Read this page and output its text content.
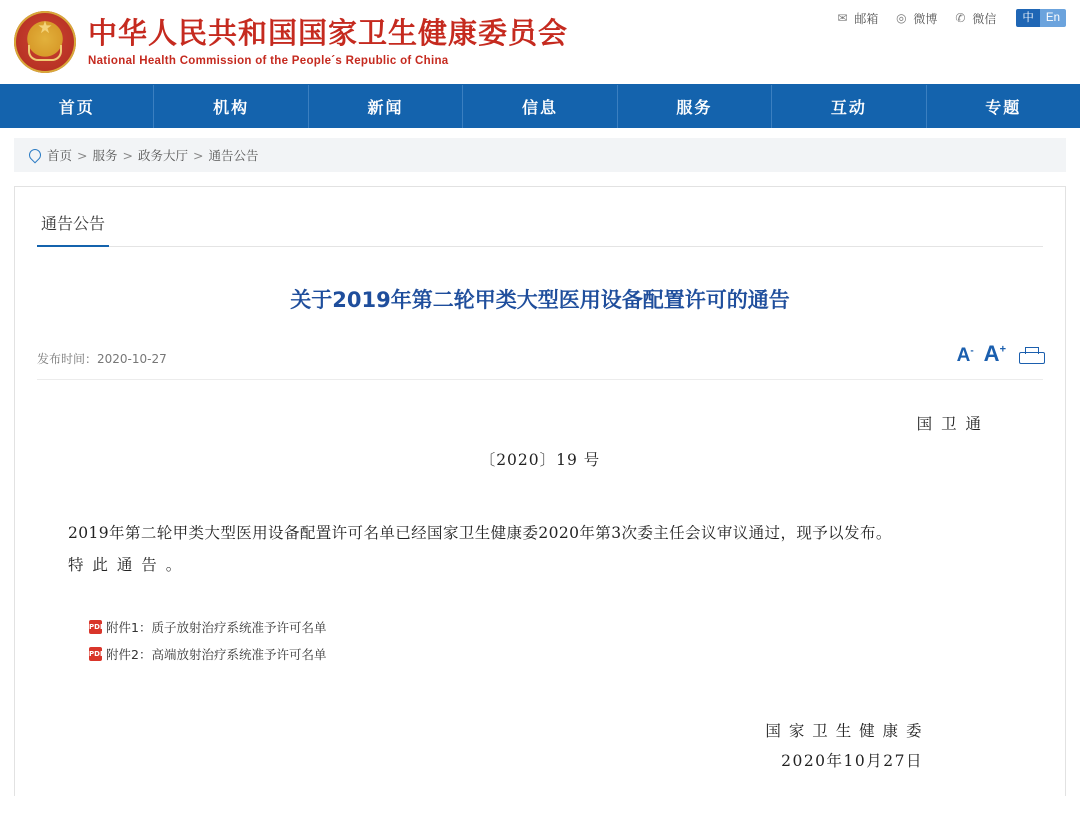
★
中华人民共和国国家卫生健康委员会
National Health Commission of the People´s Republic of China
✉ 邮箱 ◎ 微博 ✆ 微信	中	En
首页	机构	新闻	信息	服务	互动	专题
首页 > 服务 > 政务大厅 > 通告公告
通告公告
关于2019年第二轮甲类大型医用设备配置许可的通告
发布时间：2020-10-27	A- A+
国 卫 通
〔2020〕19 号
2019年第二轮甲类大型医用设备配置许可名单已经国家卫生健康委2020年第3次委主任会议审议通过，现予以发布。
特 此 通 告 。
PDF 附件1：质子放射治疗系统准予许可名单
PDF 附件2：高端放射治疗系统准予许可名单
国 家 卫 生 健 康 委
2020年10月27日
